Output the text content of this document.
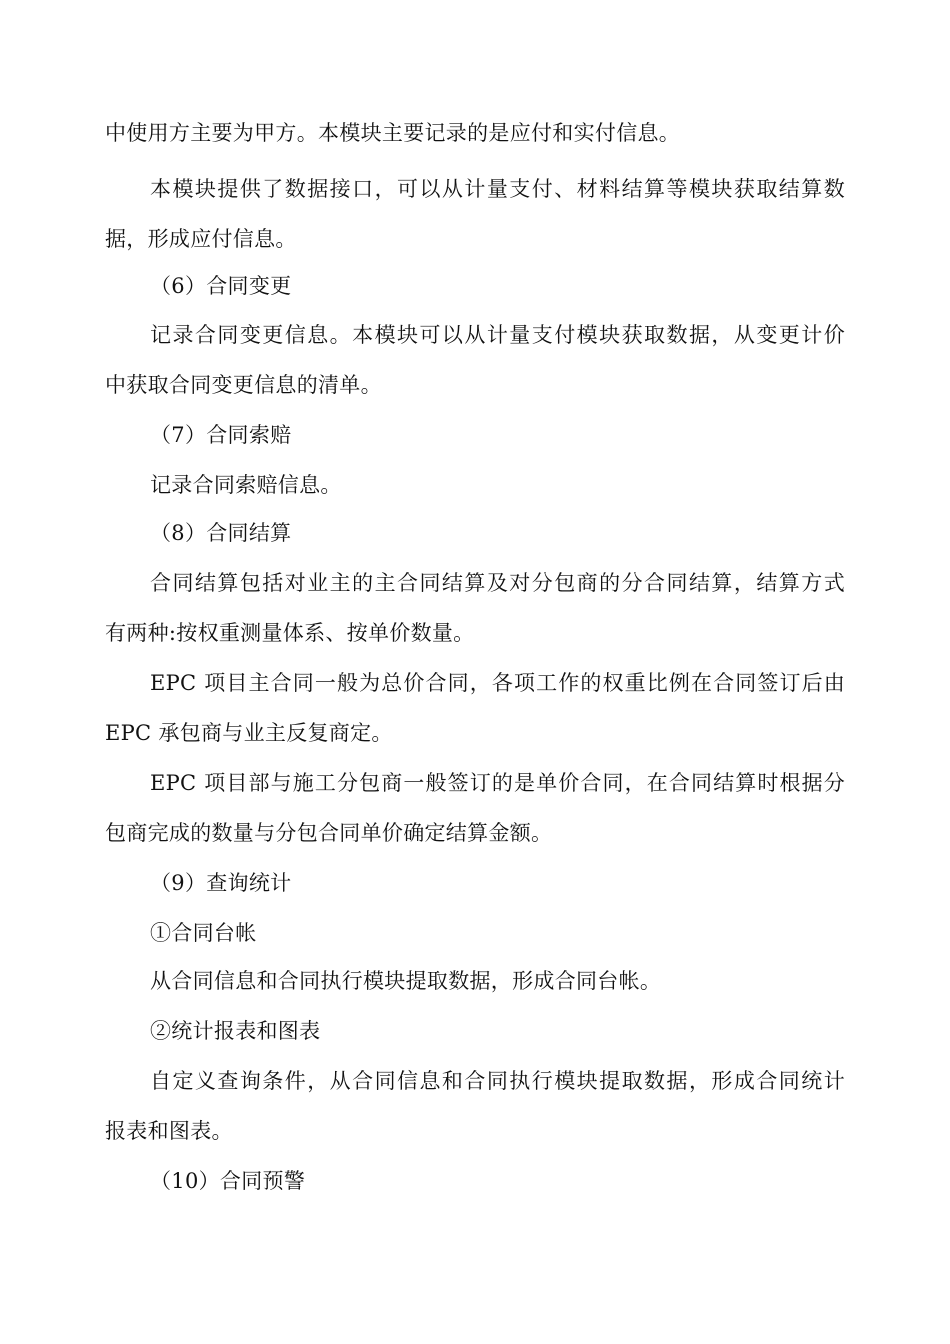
中使用方主要为甲方。本模块主要记录的是应付和实付信息。
本模块提供了数据接口，可以从计量支付、材料结算等模块获取结算数
据，形成应付信息。
（6）合同变更
记录合同变更信息。本模块可以从计量支付模块获取数据，从变更计价
中获取合同变更信息的清单。
（7）合同索赔
记录合同索赔信息。
（8）合同结算
合同结算包括对业主的主合同结算及对分包商的分合同结算，结算方式
有两种:按权重测量体系、按单价数量。
EPC 项目主合同一般为总价合同，各项工作的权重比例在合同签订后由
EPC 承包商与业主反复商定。
EPC 项目部与施工分包商一般签订的是单价合同，在合同结算时根据分
包商完成的数量与分包合同单价确定结算金额。
（9）查询统计
①合同台帐
从合同信息和合同执行模块提取数据，形成合同台帐。
②统计报表和图表
自定义查询条件，从合同信息和合同执行模块提取数据，形成合同统计
报表和图表。
（10）合同预警
